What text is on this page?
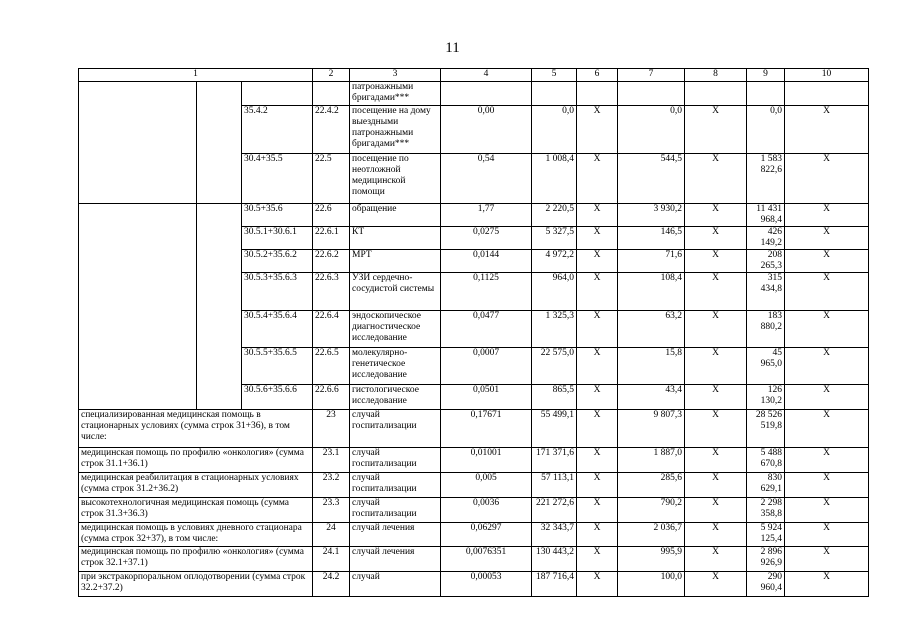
11
1			2	3	4	5	6	7	8	9	10
				патронажными бригадами***							
		35.4.2	22.4.2	посещение на дому выездными патронажными бригадами***	0,00	0,0	X	0,0	X	0,0	X
		30.4+35.5	22.5	посещение по неотложной медицинской помощи	0,54	1 008,4	X	544,5	X	1 583 822,6	X
		30.5+35.6	22.6	обращение	1,77	2 220,5	X	3 930,2	X	11 431 968,4	X
		30.5.1+30.6.1	22.6.1	КТ	0,0275	5 327,5	X	146,5	X	426 149,2	X
		30.5.2+35.6.2	22.6.2	МРТ	0,0144	4 972,2	X	71,6	X	208 265,3	X
		30.5.3+35.6.3	22.6.3	УЗИ сердечно-сосудистой системы	0,1125	964,0	X	108,4	X	315 434,8	X
		30.5.4+35.6.4	22.6.4	эндоскопическое диагностическое исследование	0,0477	1 325,3	X	63,2	X	183 880,2	X
		30.5.5+35.6.5	22.6.5	молекулярно-генетическое исследование	0,0007	22 575,0	X	15,8	X	45 965,0	X
		30.5.6+35.6.6	22.6.6	гистологическое исследование	0,0501	865,5	X	43,4	X	126 130,2	X
специализированная медицинская помощь в стационарных условиях (сумма строк 31+36), в том числе:			23	случай госпитализации	0,17671	55 499,1	X	9 807,3	X	28 526 519,8	X
медицинская помощь по профилю «онкология» (сумма строк 31.1+36.1)			23.1	случай госпитализации	0,01001	171 371,6	X	1 887,0	X	5 488 670,8	X
медицинская реабилитация в стационарных условиях (сумма строк 31.2+36.2)			23.2	случай госпитализации	0,005	57 113,1	X	285,6	X	830 629,1	X
высокотехнологичная медицинская помощь (сумма строк 31.3+36.3)			23.3	случай госпитализации	0,0036	221 272,6	X	790,2	X	2 298 358,8	X
медицинская помощь в условиях дневного стационара (сумма строк 32+37), в том числе:			24	случай лечения	0,06297	32 343,7	X	2 036,7	X	5 924 125,4	X
медицинская помощь по профилю «онкология» (сумма строк 32.1+37.1)			24.1	случай лечения	0,0076351	130 443,2	X	995,9	X	2 896 926,9	X
при экстракорпоральном оплодотворении (сумма строк 32.2+37.2)			24.2	случай	0,00053	187 716,4	X	100,0	X	290 960,4	X
